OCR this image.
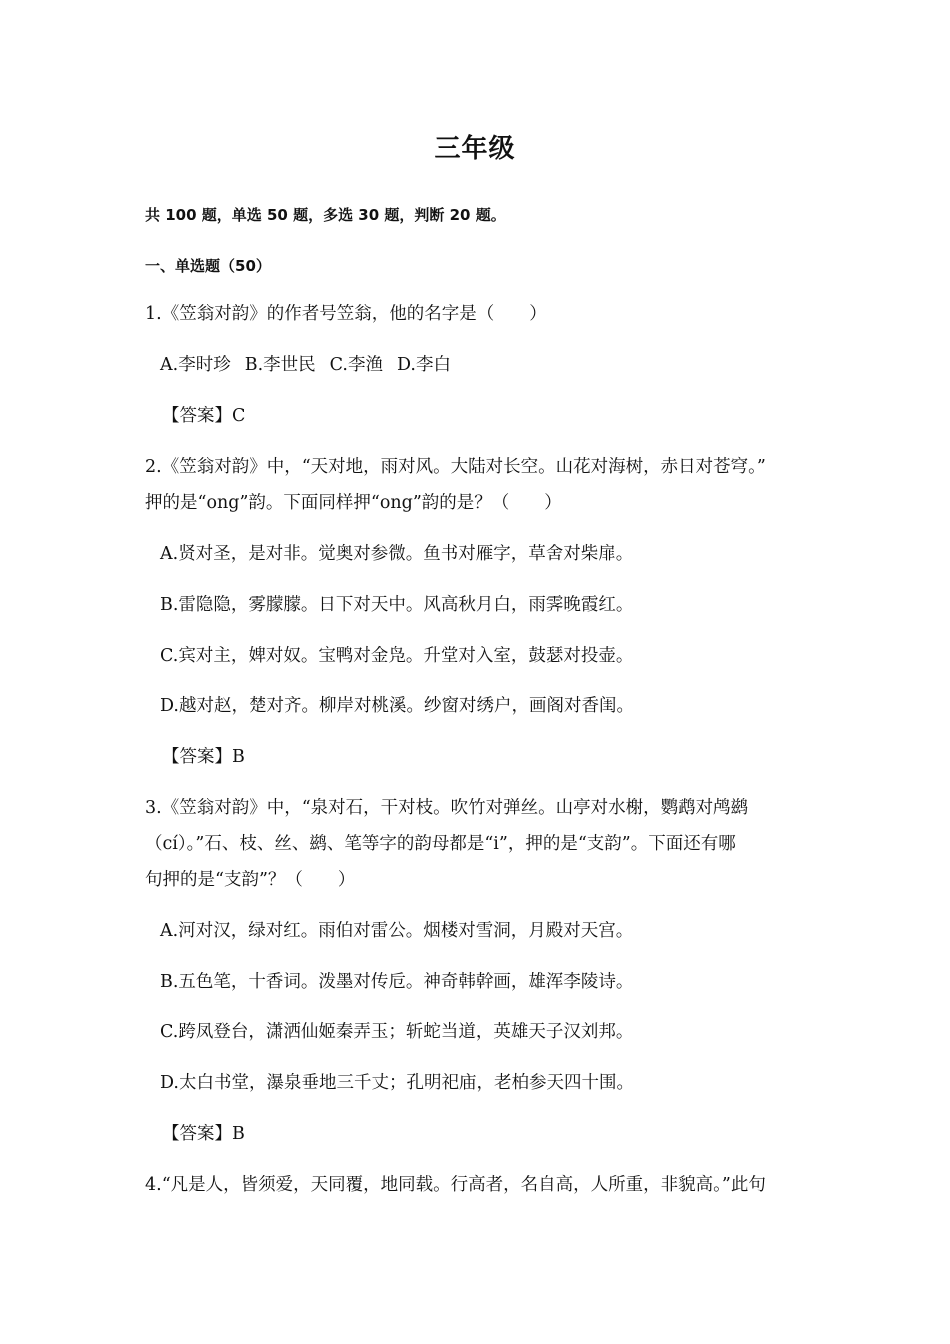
三年级
共 100 题，单选 50 题，多选 30 题，判断 20 题。
一、单选题（50）
1.《笠翁对韵》的作者号笠翁，他的名字是（　　）
A.李时珍 B.李世民 C.李渔 D.李白
【答案】C
2.《笠翁对韵》中，“天对地，雨对风。大陆对长空。山花对海树，赤日对苍穹。”
押的是“ong”韵。下面同样押“ong”韵的是？（　　）
A.贤对圣，是对非。觉奥对参微。鱼书对雁字，草舍对柴扉。
B.雷隐隐，雾朦朦。日下对天中。风高秋月白，雨霁晚霞红。
C.宾对主，婢对奴。宝鸭对金凫。升堂对入室，鼓瑟对投壶。
D.越对赵，楚对齐。柳岸对桃溪。纱窗对绣户，画阁对香闺。
【答案】B
3.《笠翁对韵》中，“泉对石，干对枝。吹竹对弹丝。山亭对水榭，鹦鹉对鸬鹚
（cí）。”石、枝、丝、鹚、笔等字的韵母都是“i”，押的是“支韵”。下面还有哪
句押的是“支韵”？（　　）
A.河对汉，绿对红。雨伯对雷公。烟楼对雪洞，月殿对天宫。
B.五色笔，十香词。泼墨对传卮。神奇韩幹画，雄浑李陵诗。
C.跨凤登台，潇洒仙姬秦弄玉；斩蛇当道，英雄天子汉刘邦。
D.太白书堂，瀑泉垂地三千丈；孔明祀庙，老柏参天四十围。
【答案】B
4.“凡是人，皆须爱，天同覆，地同载。行高者，名自高，人所重，非貌高。”此句
